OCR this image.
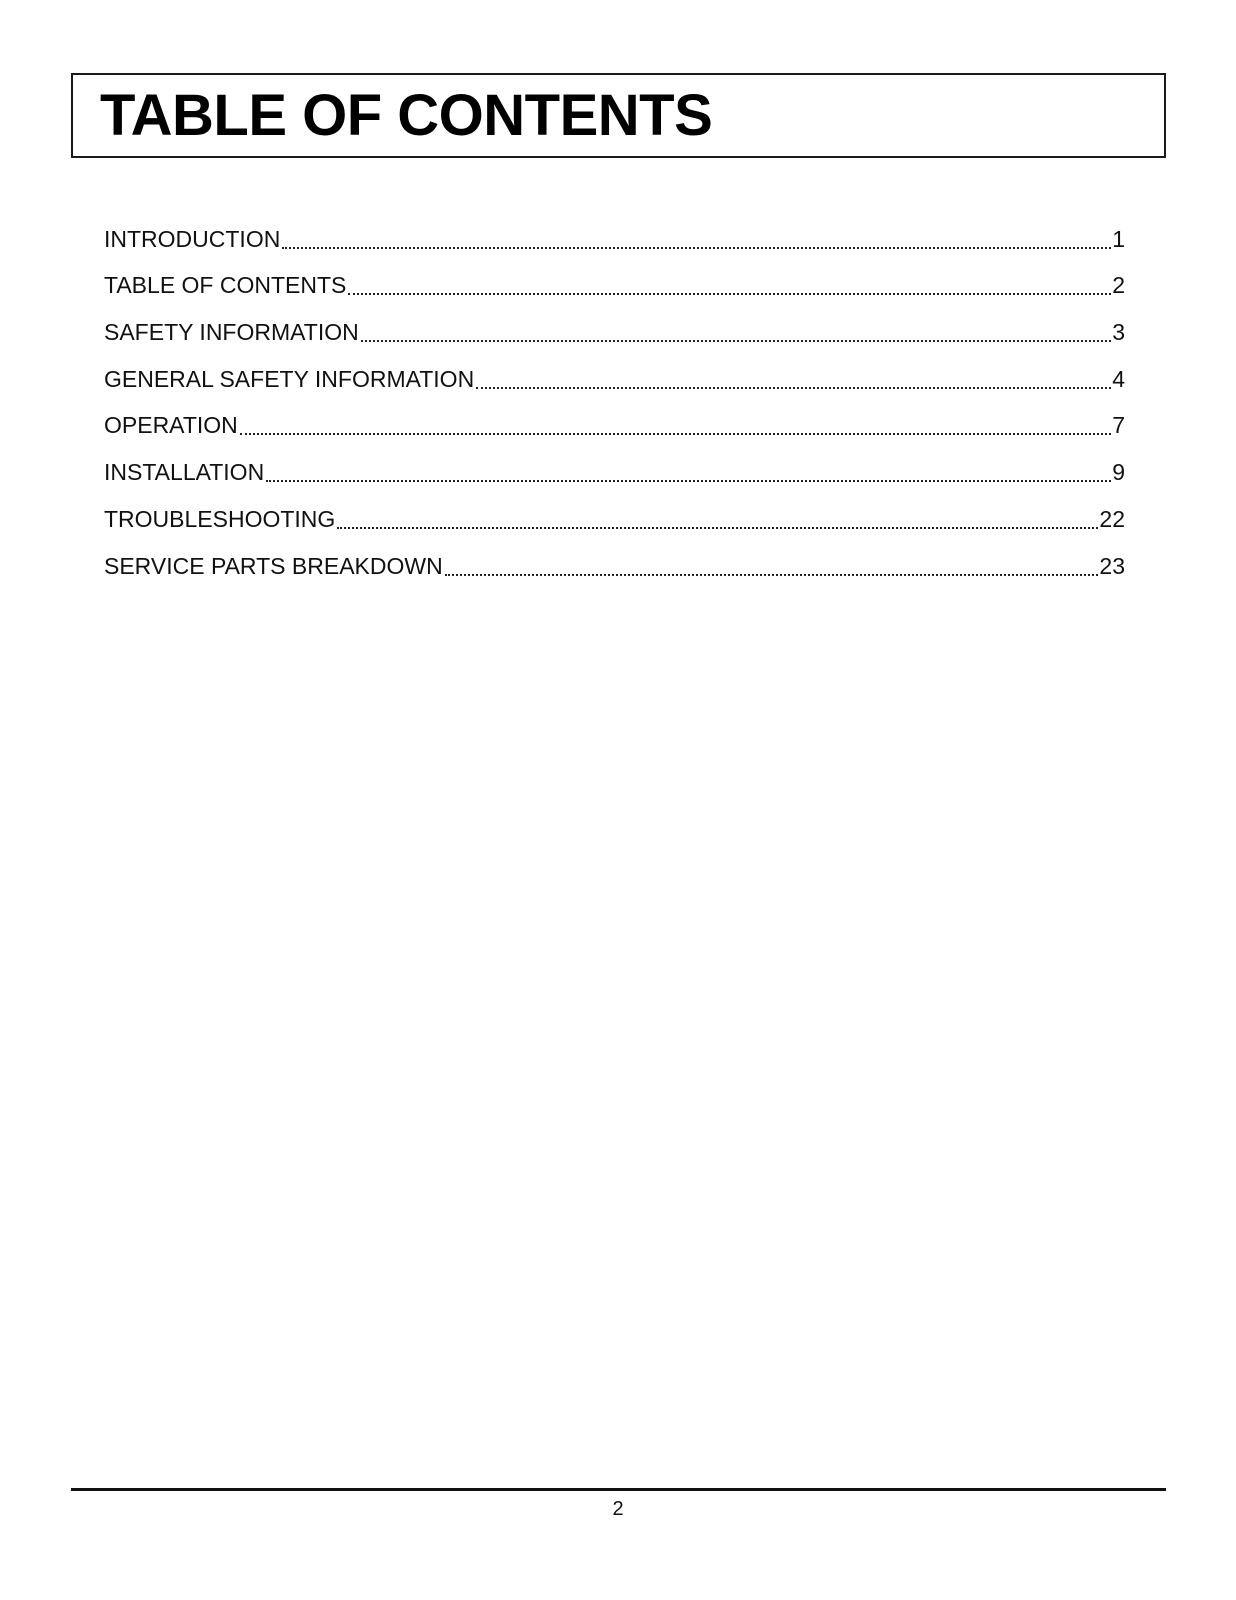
TABLE OF CONTENTS
INTRODUCTION	1
TABLE OF CONTENTS	2
SAFETY INFORMATION	3
GENERAL SAFETY INFORMATION	4
OPERATION	7
INSTALLATION	9
TROUBLESHOOTING	22
SERVICE PARTS BREAKDOWN	23
2
